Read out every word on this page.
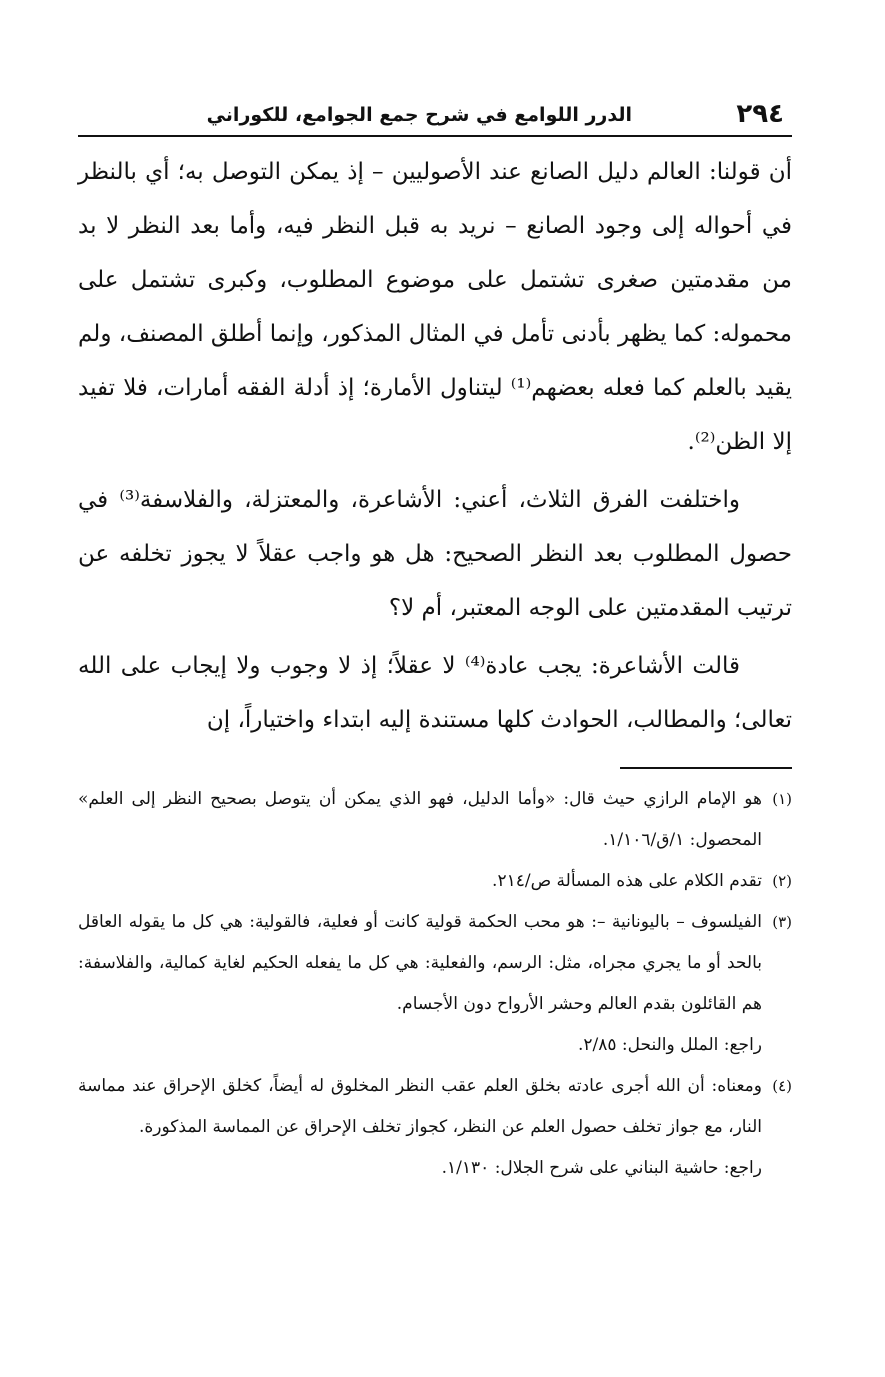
٢٩٤
الدرر اللوامع في شرح جمع الجوامع، للكوراني

أن قولنا: العالم دليل الصانع عند الأصوليين – إذ يمكن التوصل به؛ أي بالنظر في أحواله إلى وجود الصانع – نريد به قبل النظر فيه، وأما بعد النظر لا بد من مقدمتين صغرى تشتمل على موضوع المطلوب، وكبرى تشتمل على محموله: كما يظهر بأدنى تأمل في المثال المذكور، وإنما أطلق المصنف، ولم يقيد بالعلم كما فعله بعضهم⁽¹⁾ ليتناول الأمارة؛ إذ أدلة الفقه أمارات، فلا تفيد إلا الظن⁽²⁾.

واختلفت الفرق الثلاث، أعني: الأشاعرة، والمعتزلة، والفلاسفة⁽³⁾ في حصول المطلوب بعد النظر الصحيح: هل هو واجب عقلاً لا يجوز تخلفه عن ترتيب المقدمتين على الوجه المعتبر، أم لا؟

قالت الأشاعرة: يجب عادة⁽⁴⁾ لا عقلاً؛ إذ لا وجوب ولا إيجاب على الله تعالى؛ والمطالب، الحوادث كلها مستندة إليه ابتداء واختياراً، إن

(١)
هو الإمام الرازي حيث قال: «وأما الدليل، فهو الذي يمكن أن يتوصل بصحيح النظر إلى العلم» المحصول: ١/ق/١/١٠٦.
(٢)
تقدم الكلام على هذه المسألة ص/٢١٤.
(٣)
الفيلسوف – باليونانية –: هو محب الحكمة قولية كانت أو فعلية، فالقولية: هي كل ما يقوله العاقل بالحد أو ما يجري مجراه، مثل: الرسم، والفعلية: هي كل ما يفعله الحكيم لغاية كمالية، والفلاسفة: هم القائلون بقدم العالم وحشر الأرواح دون الأجسام.

راجع: الملل والنحل: ٢/٨٥.

(٤)
ومعناه: أن الله أجرى عادته بخلق العلم عقب النظر المخلوق له أيضاً، كخلق الإحراق عند مماسة النار، مع جواز تخلف حصول العلم عن النظر، كجواز تخلف الإحراق عن المماسة المذكورة.

راجع: حاشية البناني على شرح الجلال: ١/١٣٠.
